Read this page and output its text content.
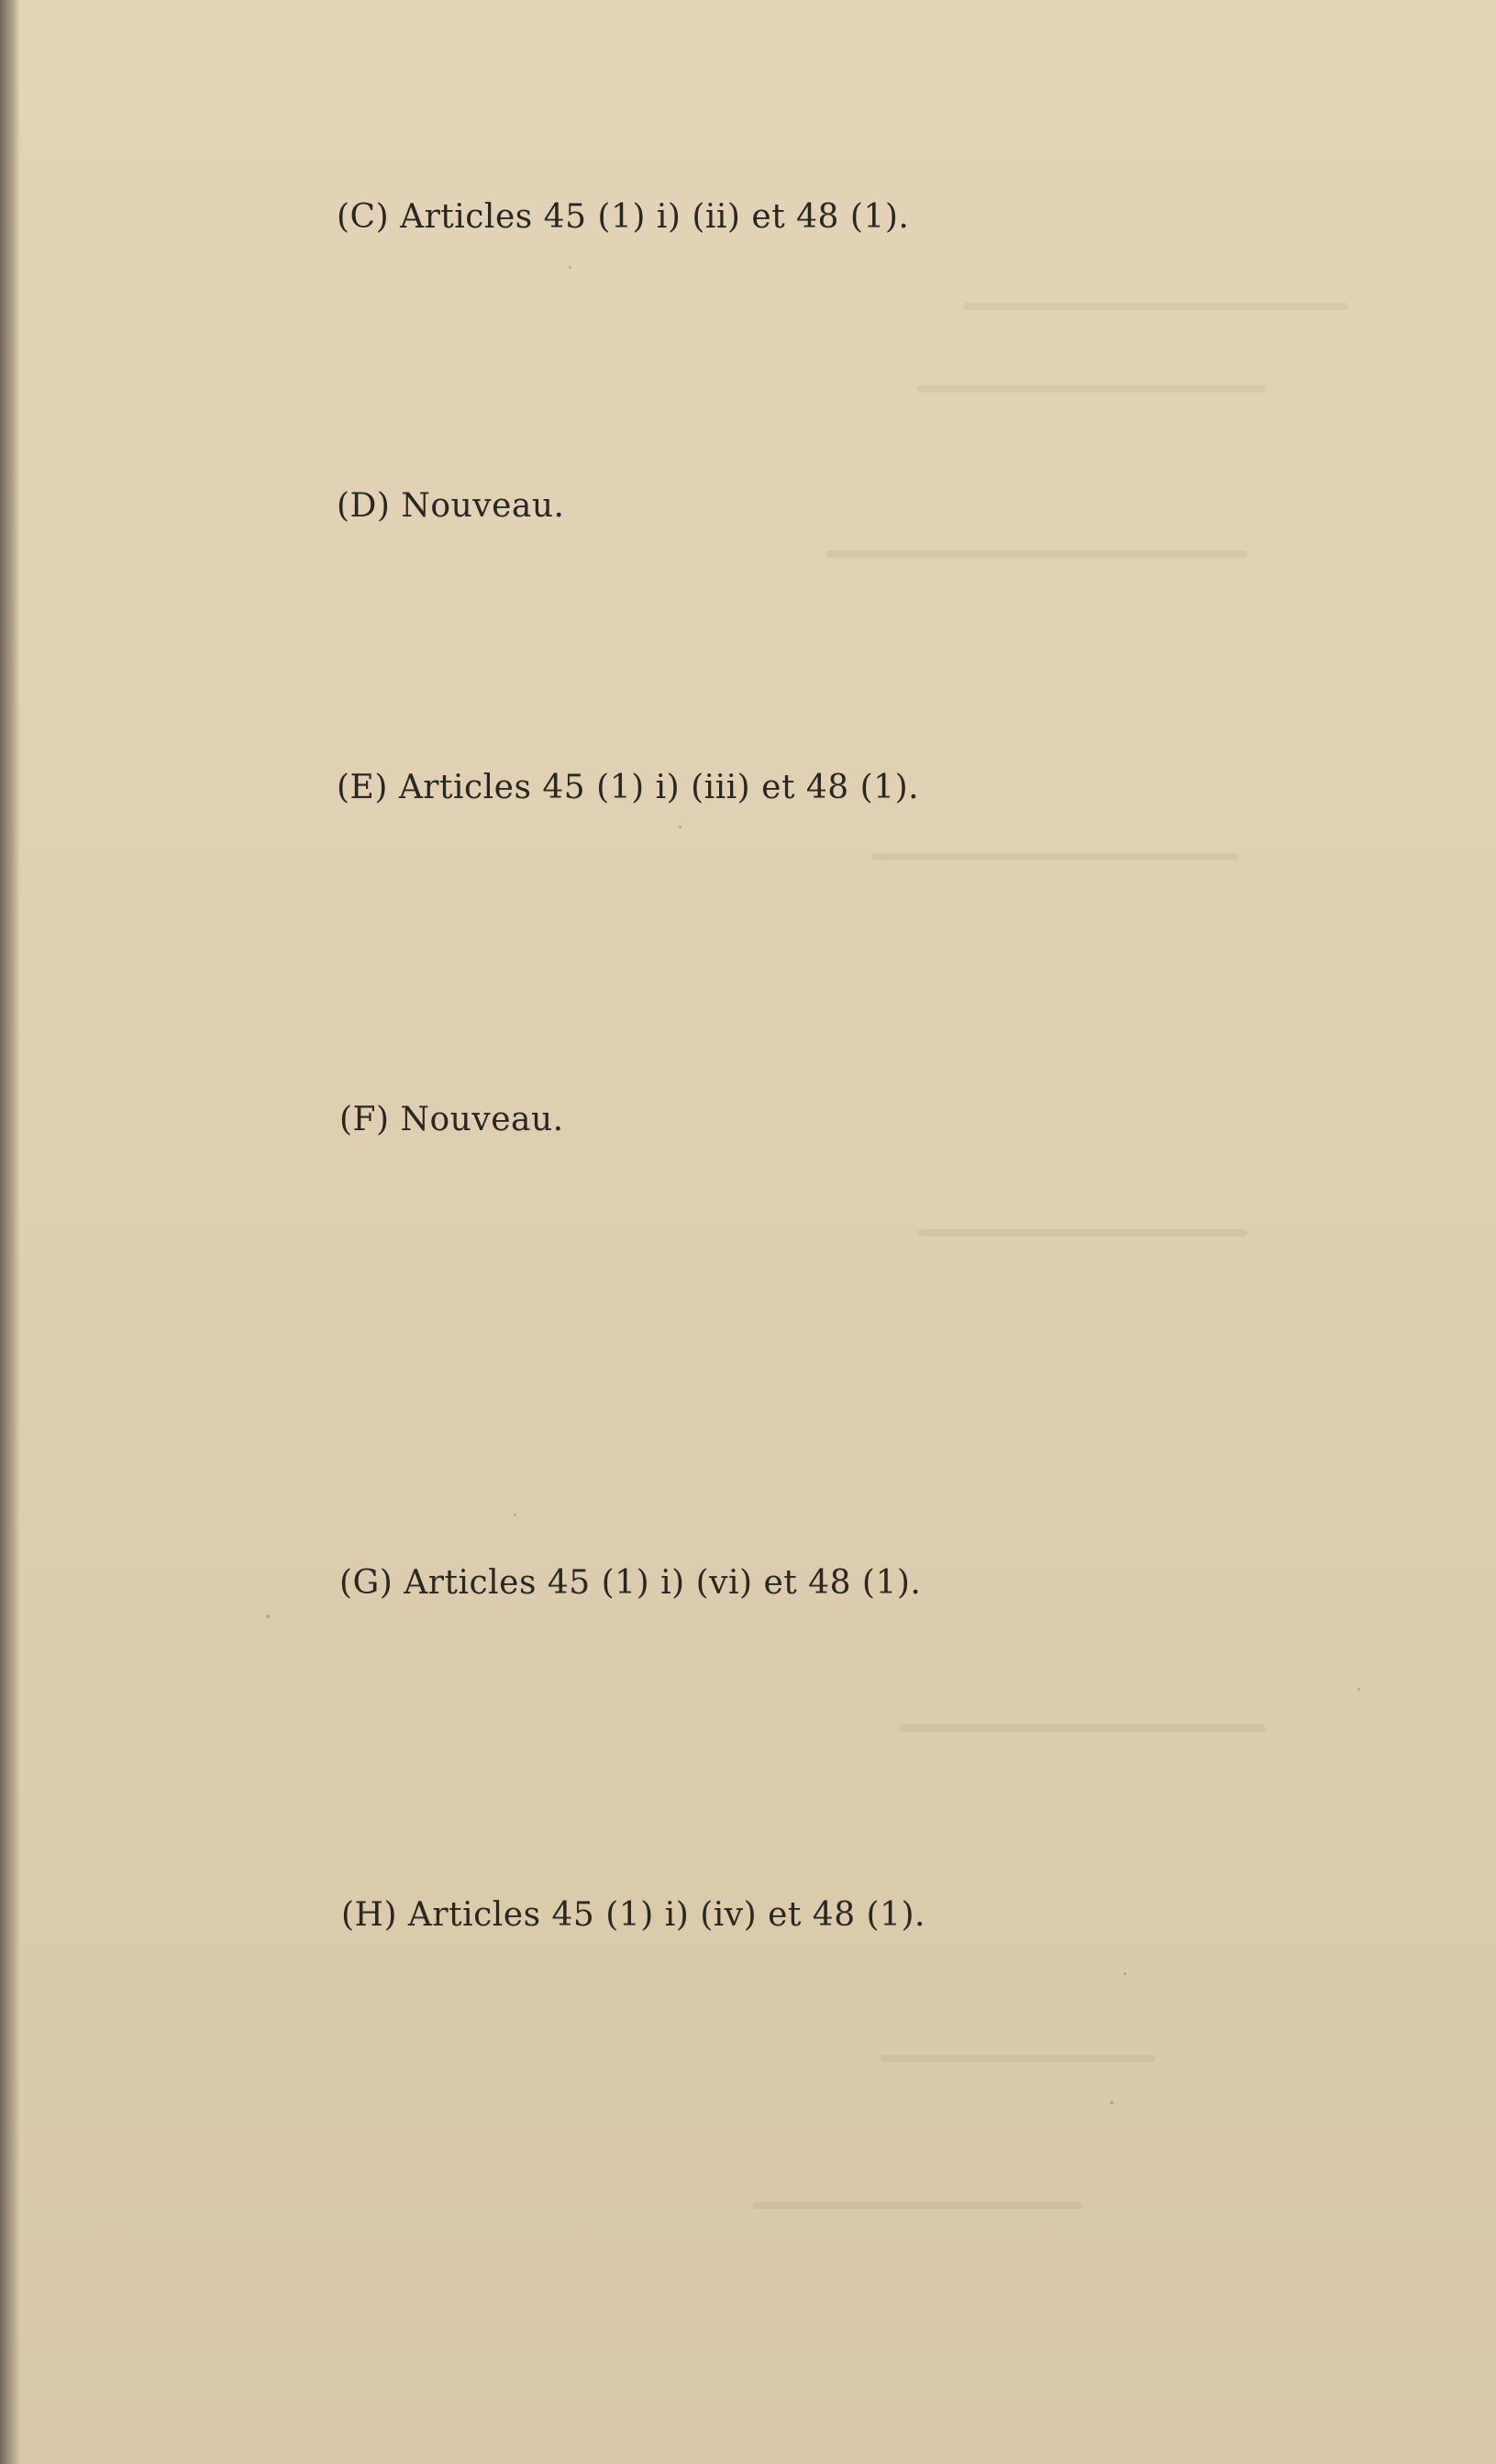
(C) Articles 45 (1) i) (ii) et 48 (1).

(D) Nouveau.

(E) Articles 45 (1) i) (iii) et 48 (1).

(F) Nouveau.

(G) Articles 45 (1) i) (vi) et 48 (1).

(H) Articles 45 (1) i) (iv) et 48 (1).
